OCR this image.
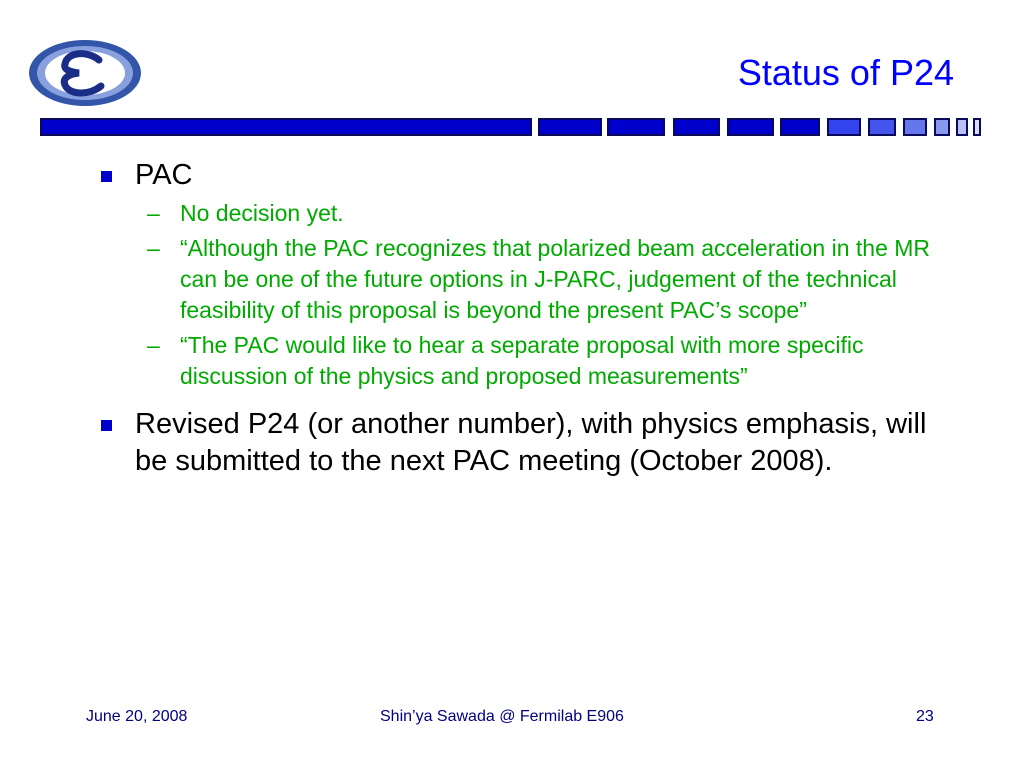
Status of P24
PAC
– No decision yet.
– “Although the PAC recognizes that polarized beam acceleration in the MR can be one of the future options in J-PARC, judgement of the technical feasibility of this proposal is beyond the present PAC’s scope”
– “The PAC would like to hear a separate proposal with more specific discussion of the physics and proposed measurements”
Revised P24 (or another number), with physics emphasis, will be submitted to the next PAC meeting (October 2008).
June 20, 2008	Shin’ya Sawada @ Fermilab E906	23
